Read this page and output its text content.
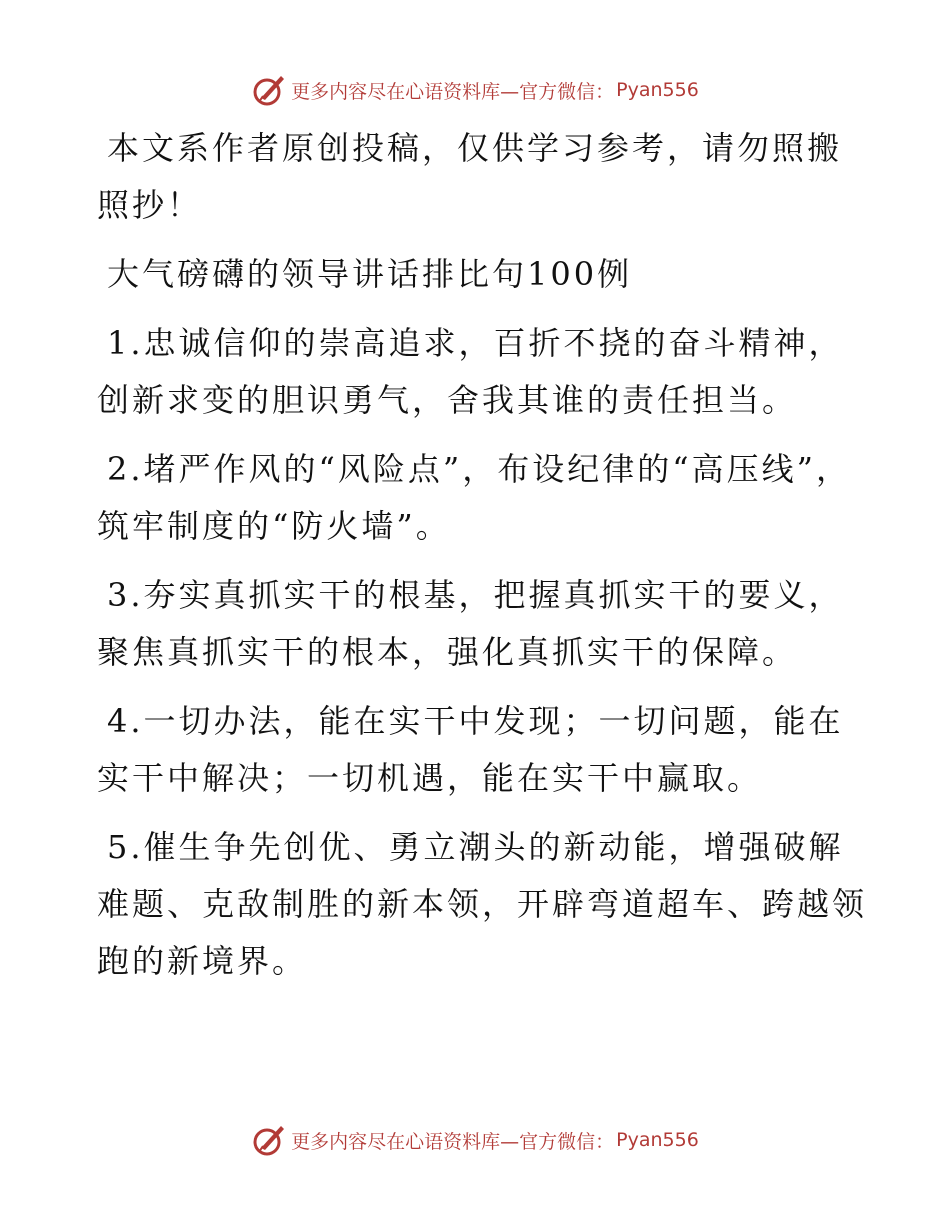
更多内容尽在心语资料库—官方微信： Pyan556

本文系作者原创投稿，仅供学习参考，请勿照搬照抄！

大气磅礴的领导讲话排比句100例

1.忠诚信仰的崇高追求，百折不挠的奋斗精神，创新求变的胆识勇气，舍我其谁的责任担当。

2.堵严作风的“风险点”，布设纪律的“高压线”，筑牢制度的“防火墙”。

3.夯实真抓实干的根基，把握真抓实干的要义，聚焦真抓实干的根本，强化真抓实干的保障。

4.一切办法，能在实干中发现；一切问题，能在实干中解决；一切机遇，能在实干中赢取。

5.催生争先创优、勇立潮头的新动能，增强破解难题、克敌制胜的新本领，开辟弯道超车、跨越领跑的新境界。

更多内容尽在心语资料库—官方微信： Pyan556
